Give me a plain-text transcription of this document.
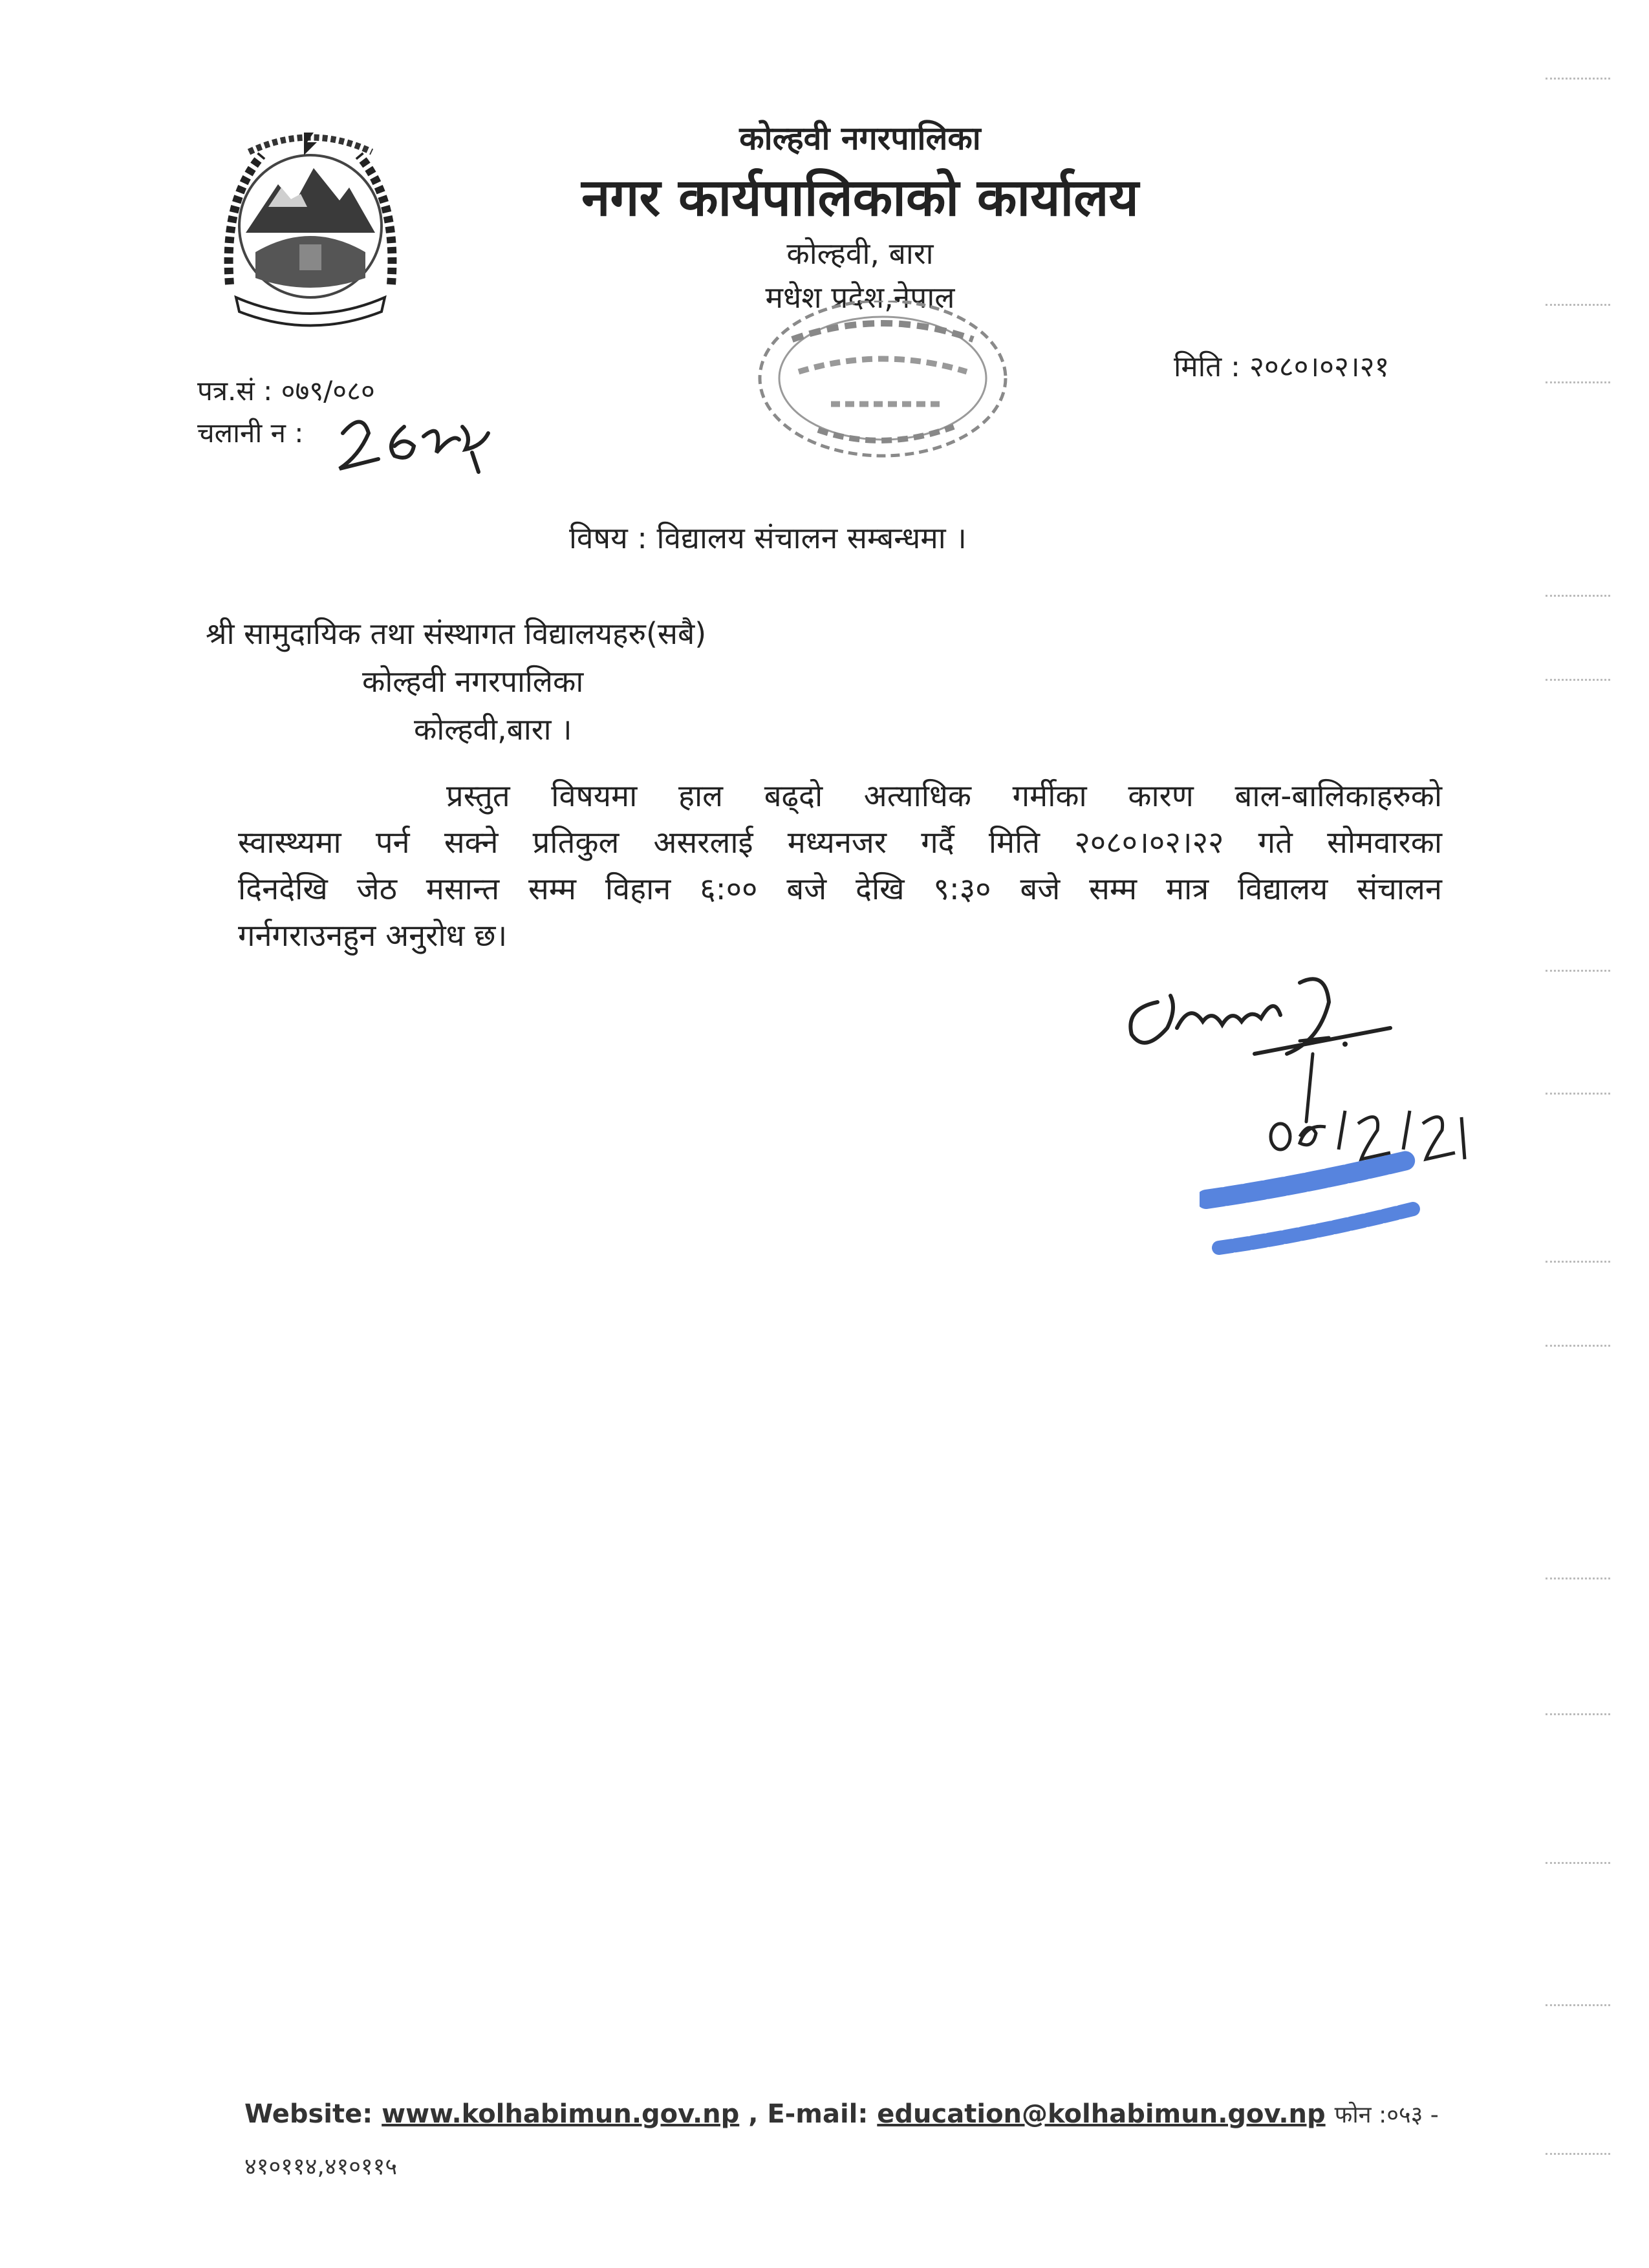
कोल्हवी नगरपालिका
नगर कार्यपालिकाको कार्यालय
कोल्हवी, बारा
मधेश प्रदेश,नेपाल
मिति : २०८०।०२।२१
पत्र.सं : ०७९/०८०
चलानी न :
विषय : विद्यालय संचालन सम्बन्धमा ।
श्री सामुदायिक तथा संस्थागत विद्यालयहरु(सबै)
कोल्हवी नगरपालिका
कोल्हवी,बारा ।
प्रस्तुत विषयमा हाल बढ्दो अत्याधिक गर्मीका कारण बाल-बालिकाहरुको
स्वास्थ्यमा पर्न सक्ने प्रतिकुल असरलाई मध्यनजर गर्दै मिति २०८०।०२।२२ गते सोमवारका
दिनदेखि जेठ मसान्त सम्म विहान ६:०० बजे देखि ९:३० बजे सम्म मात्र विद्यालय संचालन
गर्नगराउनहुन अनुरोध छ।
Website: www.kolhabimun.gov.np , E-mail: education@kolhabimun.gov.np फोन :०५३ -
४१०११४,४१०११५
